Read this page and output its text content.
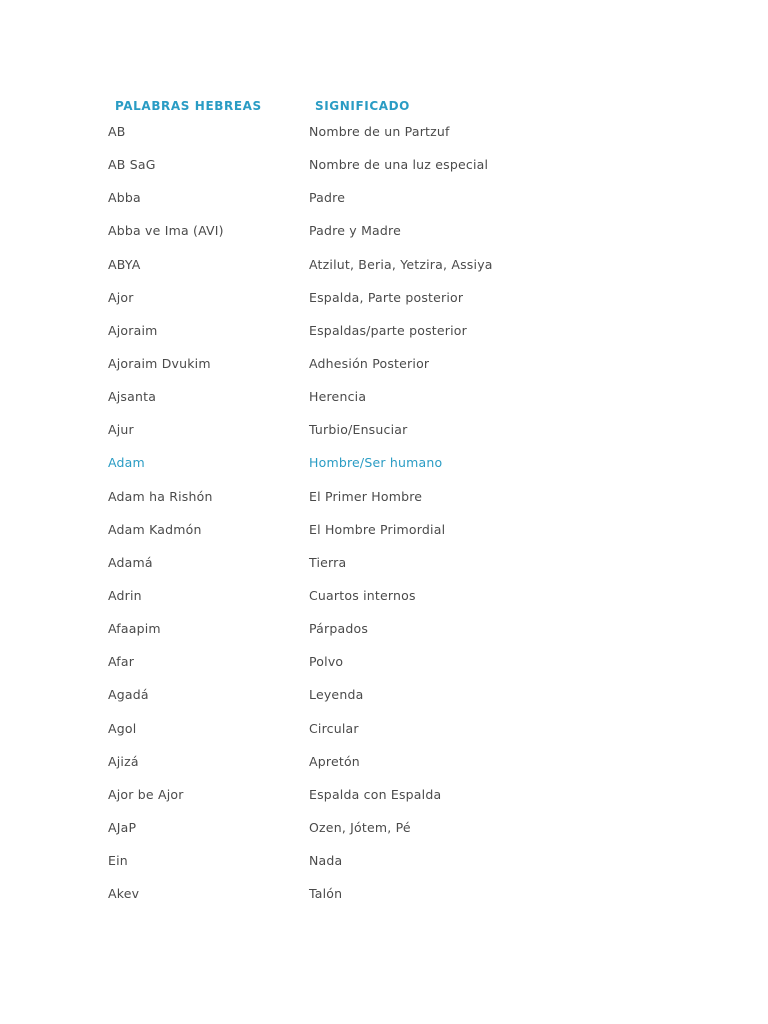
PALABRAS HEBREAS	SIGNIFICADO
AB	Nombre de un Partzuf
AB SaG	Nombre de una luz especial
Abba	Padre
Abba ve Ima (AVI)	Padre y Madre
ABYA	Atzilut, Beria, Yetzira, Assiya
Ajor	Espalda, Parte posterior
Ajoraim	Espaldas/parte posterior
Ajoraim Dvukim	Adhesión Posterior
Ajsanta	Herencia
Ajur	Turbio/Ensuciar
Adam	Hombre/Ser humano
Adam ha Rishón	El Primer Hombre
Adam Kadmón	El Hombre Primordial
Adamá	Tierra
Adrin	Cuartos internos
Afaapim	Párpados
Afar	Polvo
Agadá	Leyenda
Agol	Circular
Ajizá	Apretón
Ajor be Ajor	Espalda con Espalda
AJaP	Ozen, Jótem, Pé
Ein	Nada
Akev	Talón
